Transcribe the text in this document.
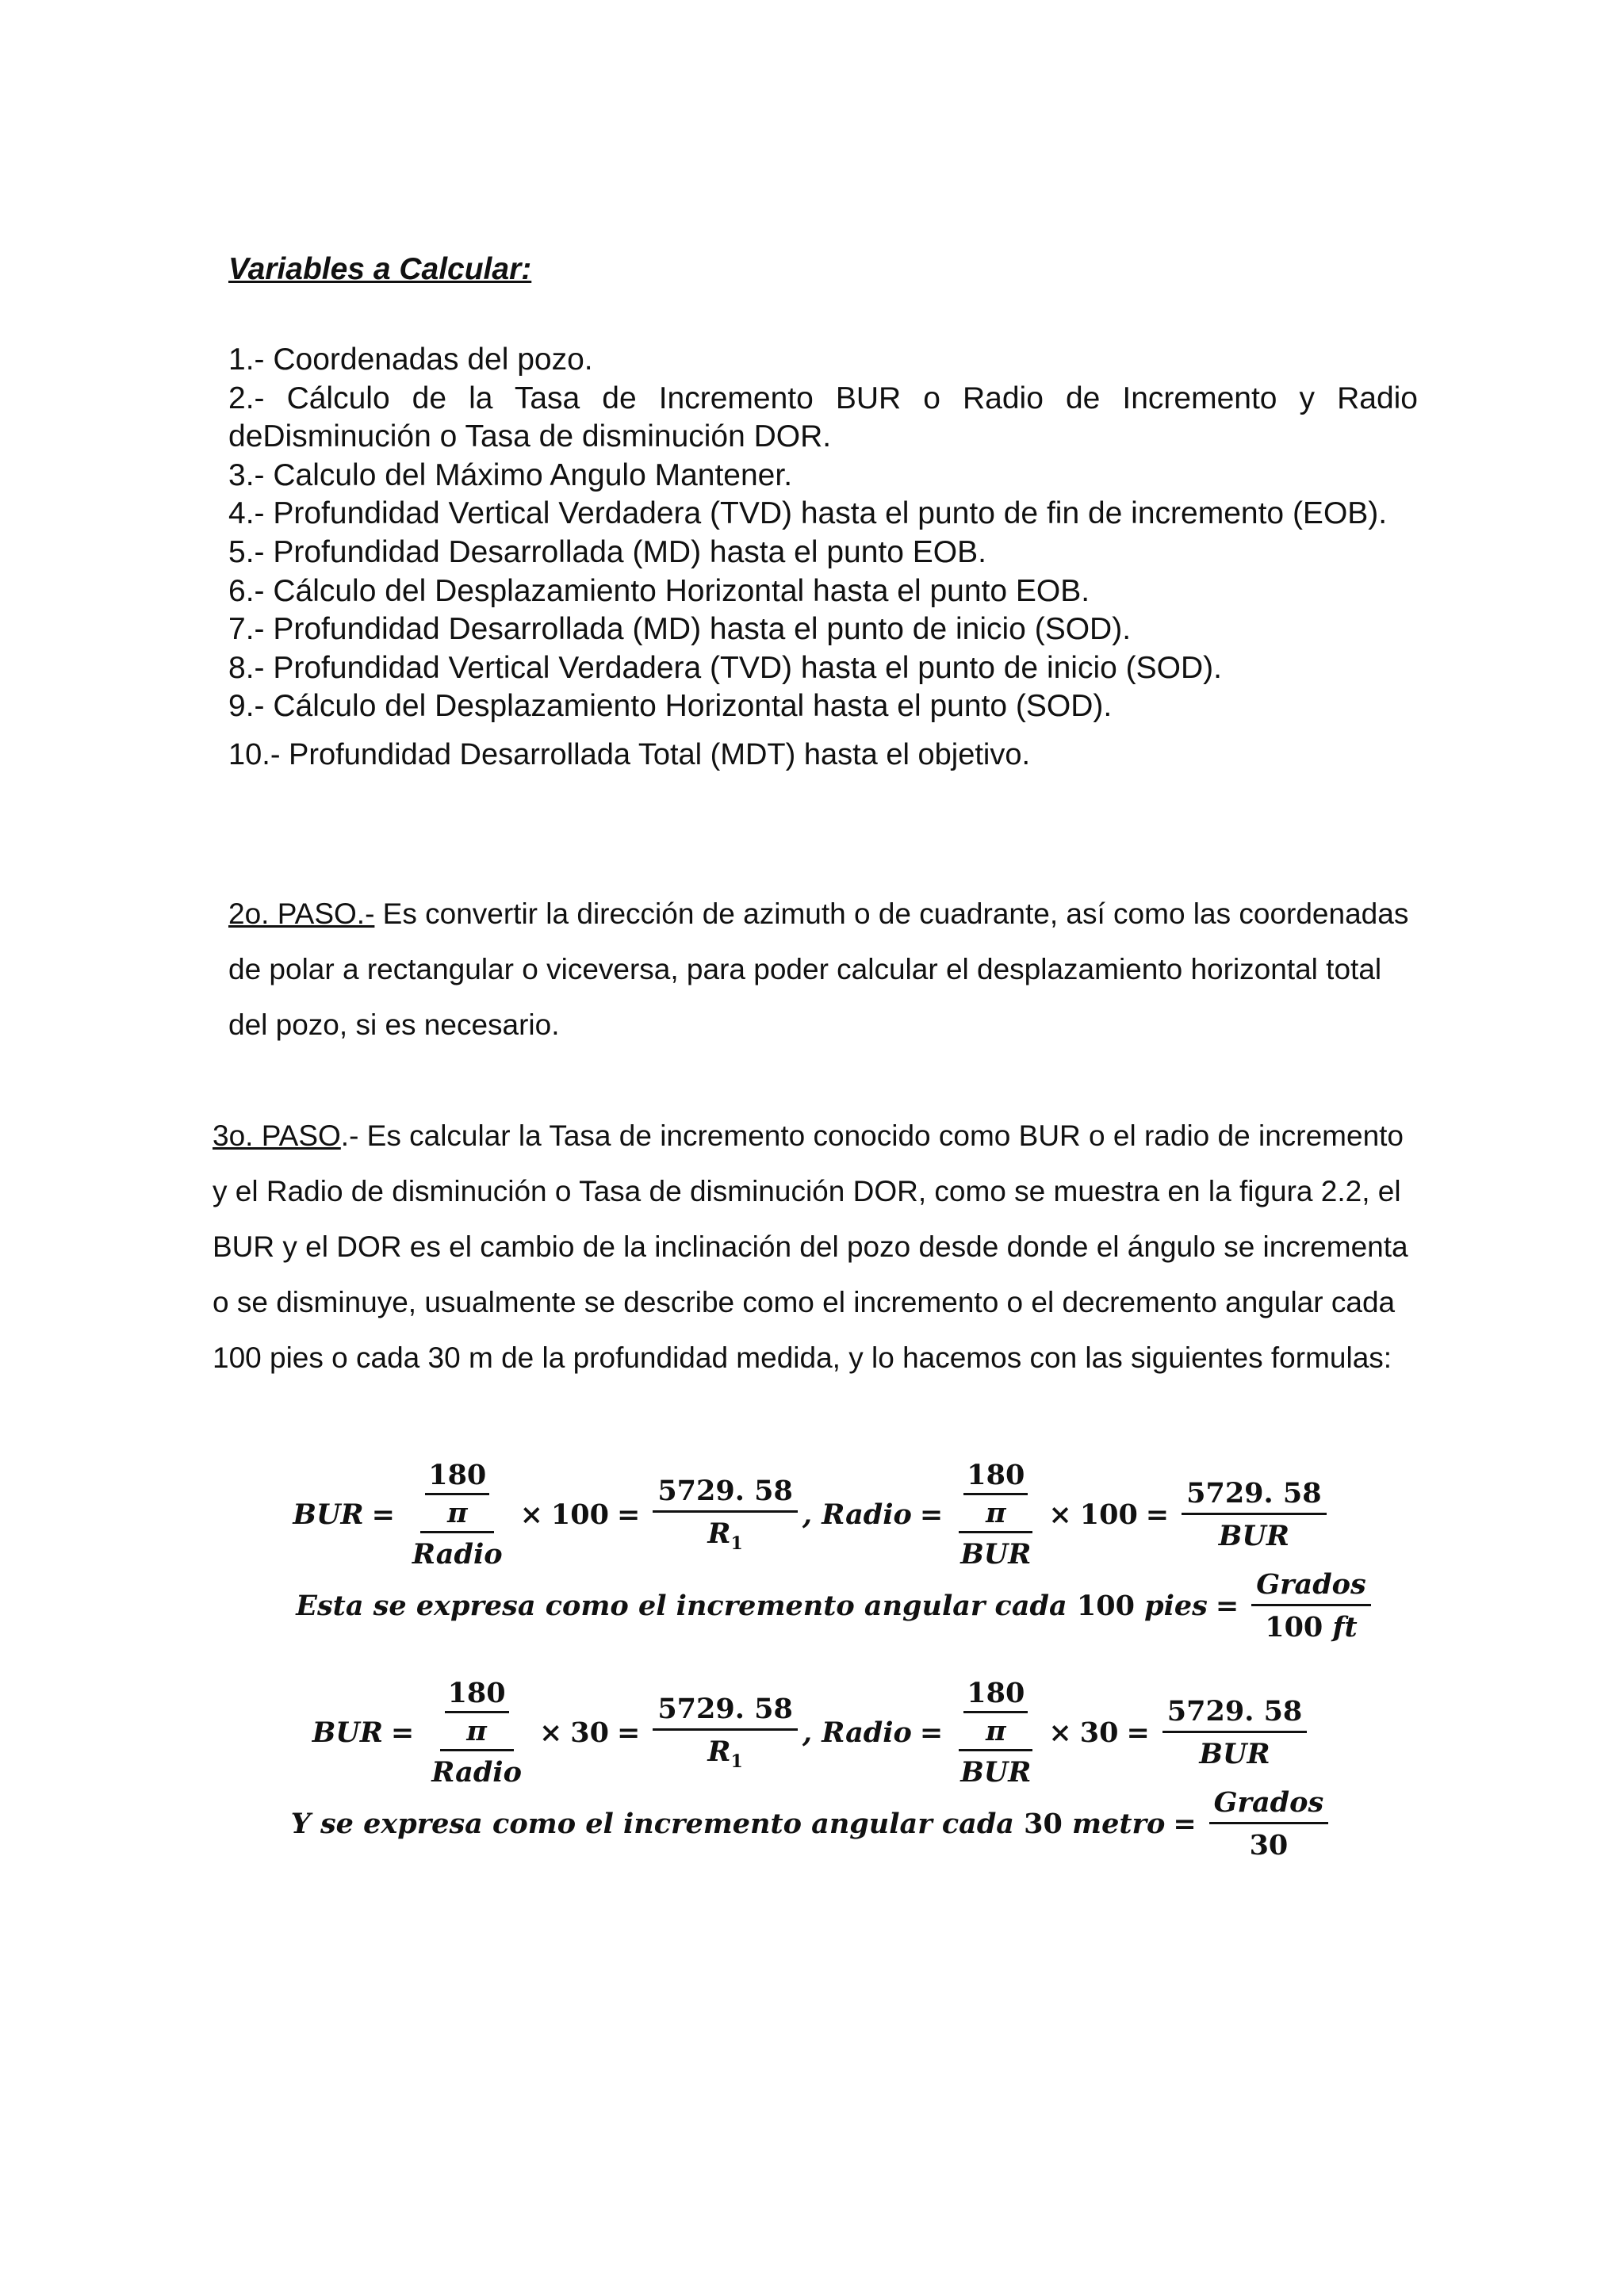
Variables a Calcular:
1.- Coordenadas del pozo.
2.- Cálculo de la Tasa de Incremento BUR o Radio de Incremento y Radio deDisminución o Tasa de disminución DOR.
3.- Calculo del Máximo Angulo Mantener.
4.- Profundidad Vertical Verdadera (TVD) hasta el punto de fin de incremento (EOB).
5.- Profundidad Desarrollada (MD) hasta el punto EOB.
6.- Cálculo del Desplazamiento Horizontal hasta el punto EOB.
7.- Profundidad Desarrollada (MD) hasta el punto de inicio (SOD).
8.- Profundidad Vertical Verdadera (TVD) hasta el punto de inicio (SOD).
9.- Cálculo del Desplazamiento Horizontal hasta el punto (SOD).
10.- Profundidad Desarrollada Total (MDT) hasta el objetivo.
2o. PASO.- Es convertir la dirección de azimuth o de cuadrante, así como las coordenadas de polar a rectangular o viceversa, para poder calcular el desplazamiento horizontal total del pozo, si es necesario.
3o. PASO.- Es calcular la Tasa de incremento conocido como BUR o el radio de incremento y el Radio de disminución o Tasa de disminución DOR, como se muestra en la figura 2.2, el BUR y el DOR es el cambio de la inclinación del pozo desde donde el ángulo se incrementa o se disminuye, usualmente se describe como el incremento o el decremento angular cada 100 pies o cada 30 m de la profundidad medida, y lo hacemos con las siguientes formulas:
BUR = $\frac{\frac{180}{\pi}}{\text{Radio}} \times 100 = \frac{5729. 58}{R_1}$ ,
Radio = $\frac{\frac{180}{\pi}}{\text{BUR}} \times 100 = \frac{5729. 58}{\text{BUR}}$
Esta se expresa como el incremento angular cada 100 pies = $\frac{\text{Grados}}{100 ft}$
BUR = $\frac{\frac{180}{\pi}}{\text{Radio}} \times 30 = \frac{5729. 58}{R_1}$ ,
Radio = $\frac{\frac{180}{\pi}}{\text{BUR}} \times 30 = \frac{5729. 58}{\text{BUR}}$
Y se expresa como el incremento angular cada 30 metro = $\frac{\text{Grados}}{30}$
